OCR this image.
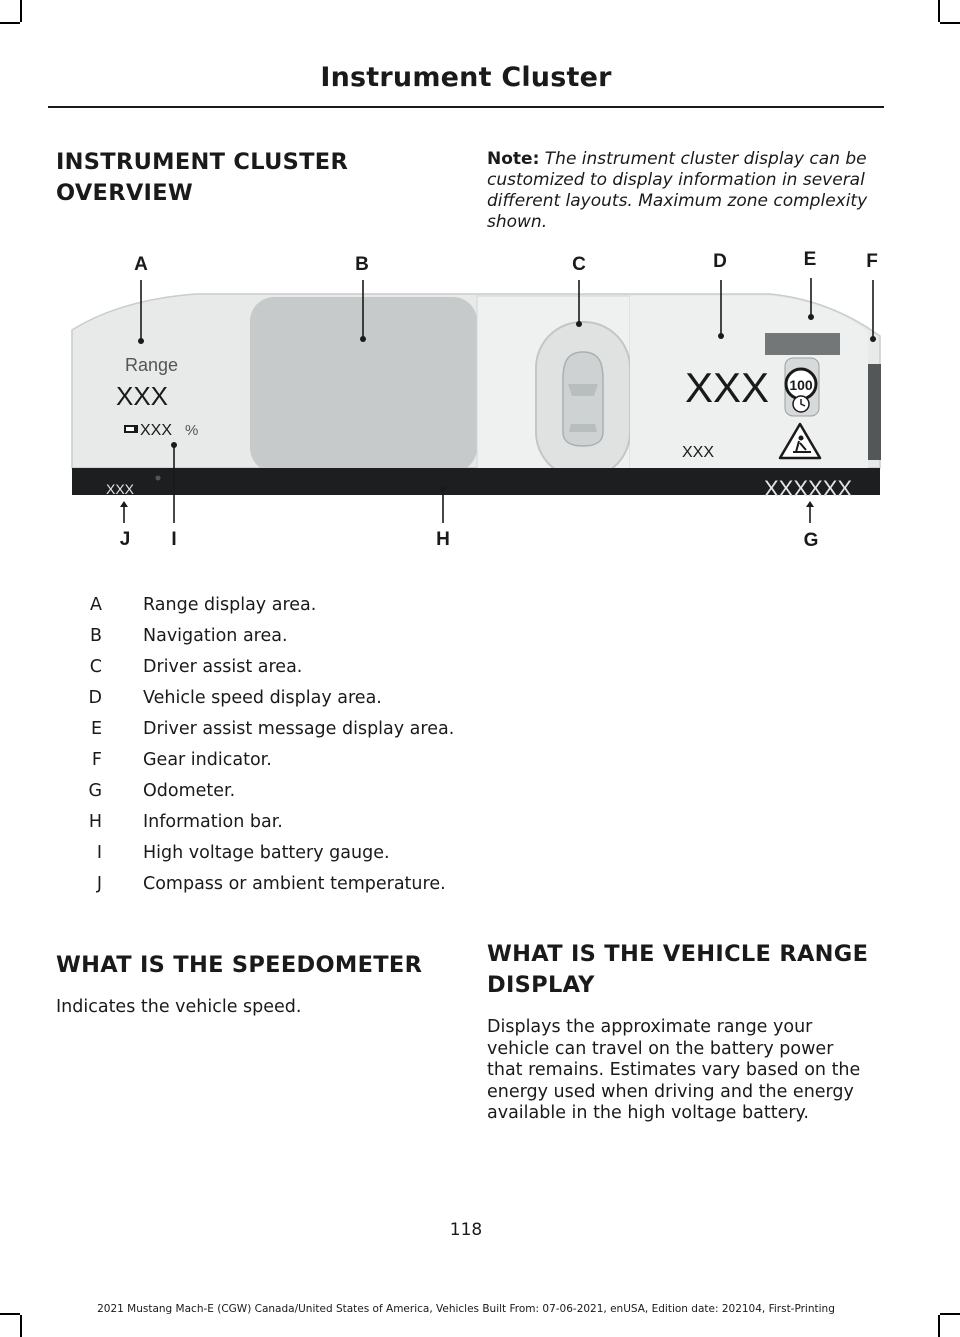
Instrument Cluster
INSTRUMENT CLUSTER
OVERVIEW

Note: The instrument cluster display can be customized to display information in several different layouts. Maximum zone complexity shown.

100
Range
XXX
XXX %
XXX
XXX
XXX	XXXXXX
A	B	C	D	E	F
J I	H	G
A Range display area.
B Navigation area.
C Driver assist area.
D Vehicle speed display area.
E Driver assist message display area.
F Gear indicator.
G Odometer.
H Information bar.
I High voltage battery gauge.
J Compass or ambient temperature.
WHAT IS THE SPEEDOMETER

Indicates the vehicle speed.

WHAT IS THE VEHICLE RANGE
DISPLAY

Displays the approximate range your
vehicle can travel on the battery power
that remains. Estimates vary based on the
energy used when driving and the energy
available in the high voltage battery.

118
2021 Mustang Mach-E (CGW) Canada/United States of America, Vehicles Built From: 07-06-2021, enUSA, Edition date: 202104, First-Printing
